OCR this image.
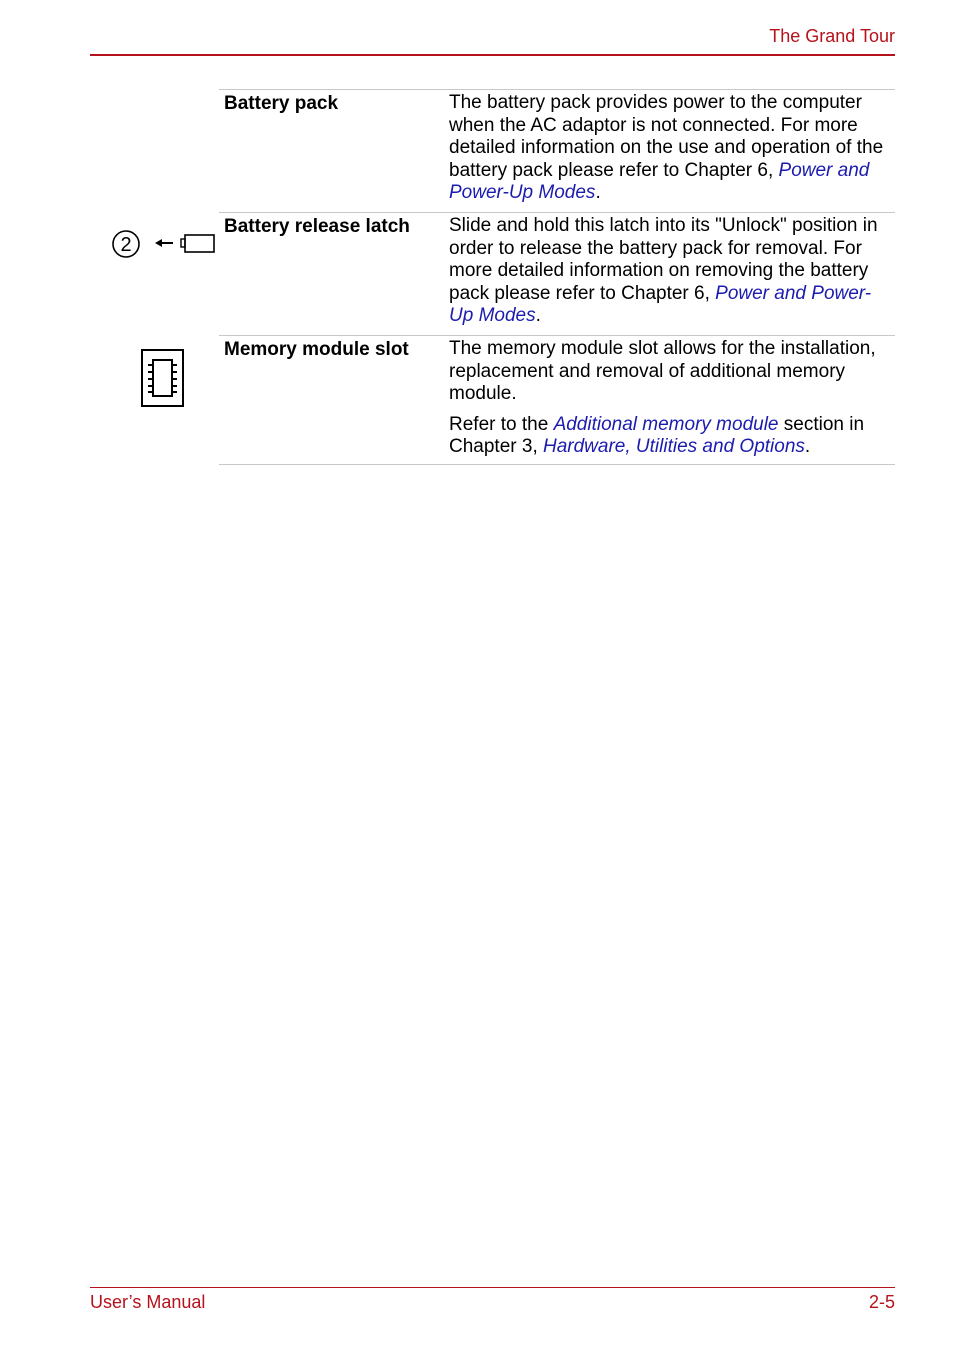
The Grand Tour
2
Battery pack	The battery pack provides power to the computer when the AC adaptor is not connected. For more detailed information on the use and operation of the battery pack please refer to Chapter 6, Power and Power-Up Modes.

Battery release latch	Slide and hold this latch into its "Unlock" position in order to release the battery pack for removal. For more detailed information on removing the battery pack please refer to Chapter 6, Power and Power-Up Modes.

Memory module slot	The memory module slot allows for the installation, replacement and removal of additional memory module.

Refer to the Additional memory module section in Chapter 3, Hardware, Utilities and Options.

User’s Manual	2-5
